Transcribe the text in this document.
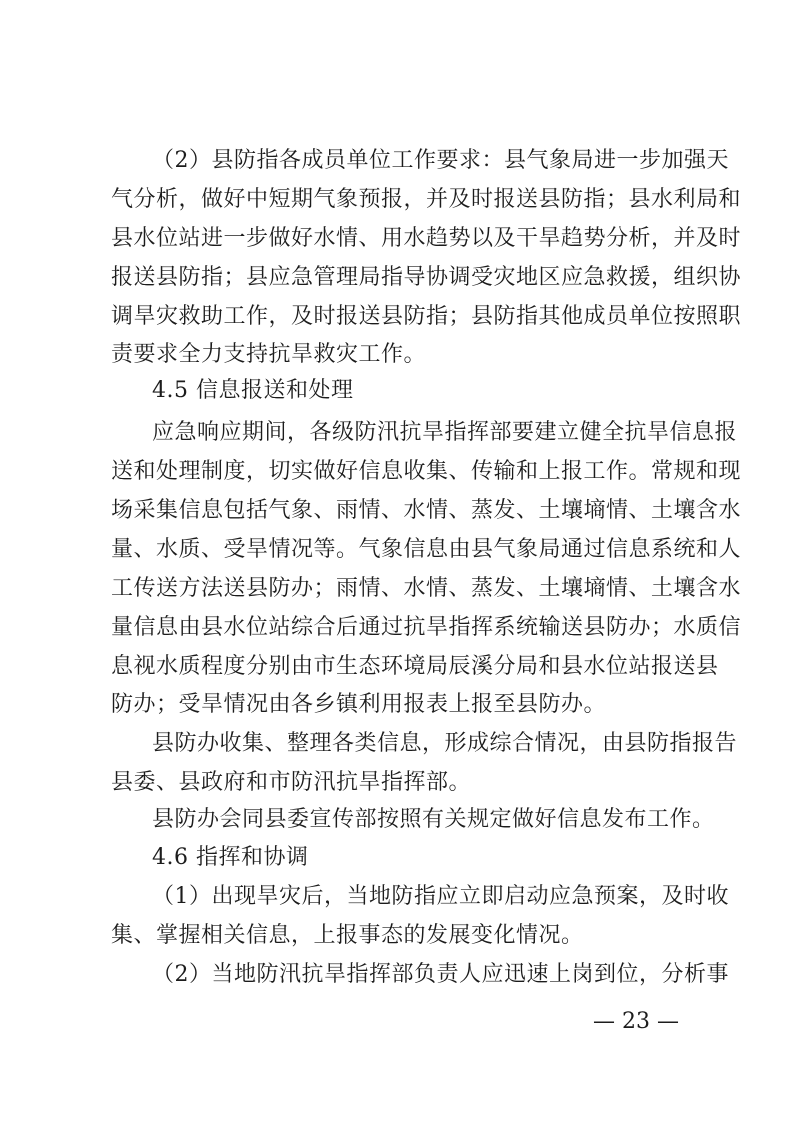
（2）县防指各成员单位工作要求：县气象局进一步加强天
气分析，做好中短期气象预报，并及时报送县防指；县水利局和
县水位站进一步做好水情、用水趋势以及干旱趋势分析，并及时
报送县防指；县应急管理局指导协调受灾地区应急救援，组织协
调旱灾救助工作，及时报送县防指；县防指其他成员单位按照职
责要求全力支持抗旱救灾工作。
4.5 信息报送和处理
应急响应期间，各级防汛抗旱指挥部要建立健全抗旱信息报
送和处理制度，切实做好信息收集、传输和上报工作。常规和现
场采集信息包括气象、雨情、水情、蒸发、土壤墒情、土壤含水
量、水质、受旱情况等。气象信息由县气象局通过信息系统和人
工传送方法送县防办；雨情、水情、蒸发、土壤墒情、土壤含水
量信息由县水位站综合后通过抗旱指挥系统输送县防办；水质信
息视水质程度分别由市生态环境局辰溪分局和县水位站报送县
防办；受旱情况由各乡镇利用报表上报至县防办。
县防办收集、整理各类信息，形成综合情况，由县防指报告
县委、县政府和市防汛抗旱指挥部。
县防办会同县委宣传部按照有关规定做好信息发布工作。
4.6 指挥和协调
（1）出现旱灾后，当地防指应立即启动应急预案，及时收
集、掌握相关信息，上报事态的发展变化情况。
（2）当地防汛抗旱指挥部负责人应迅速上岗到位，分析事
— 23 —
